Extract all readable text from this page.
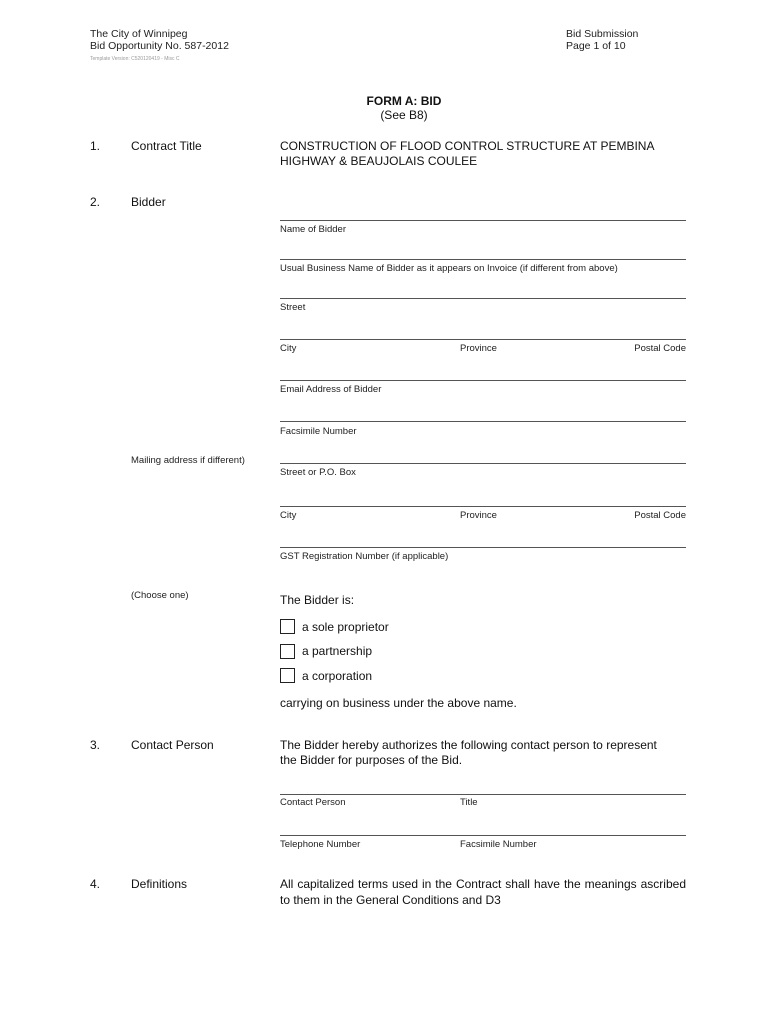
The City of Winnipeg
Bid Opportunity No. 587-2012
Template Version: C520120419 - Misc C
Bid Submission
Page 1 of 10
FORM A: BID
(See B8)
1.	Contract Title	CONSTRUCTION OF FLOOD CONTROL STRUCTURE AT PEMBINA
HIGHWAY & BEAUJOLAIS COULEE
2.	Bidder
Name of Bidder
Usual Business Name of Bidder as it appears on Invoice (if different from above)
Street
City	Province	Postal Code
Email Address of Bidder
Facsimile Number
Mailing address if different)
Street or P.O. Box
City	Province	Postal Code
GST Registration Number (if applicable)
(Choose one)	The Bidder is:
a sole proprietor
a partnership
a corporation
carrying on business under the above name.
3.	Contact Person	The Bidder hereby authorizes the following contact person to represent
the Bidder for purposes of the Bid.
Contact Person	Title
Telephone Number	Facsimile Number
4.	Definitions	All capitalized terms used in the Contract shall have the meanings ascribed to them in the General Conditions and D3
